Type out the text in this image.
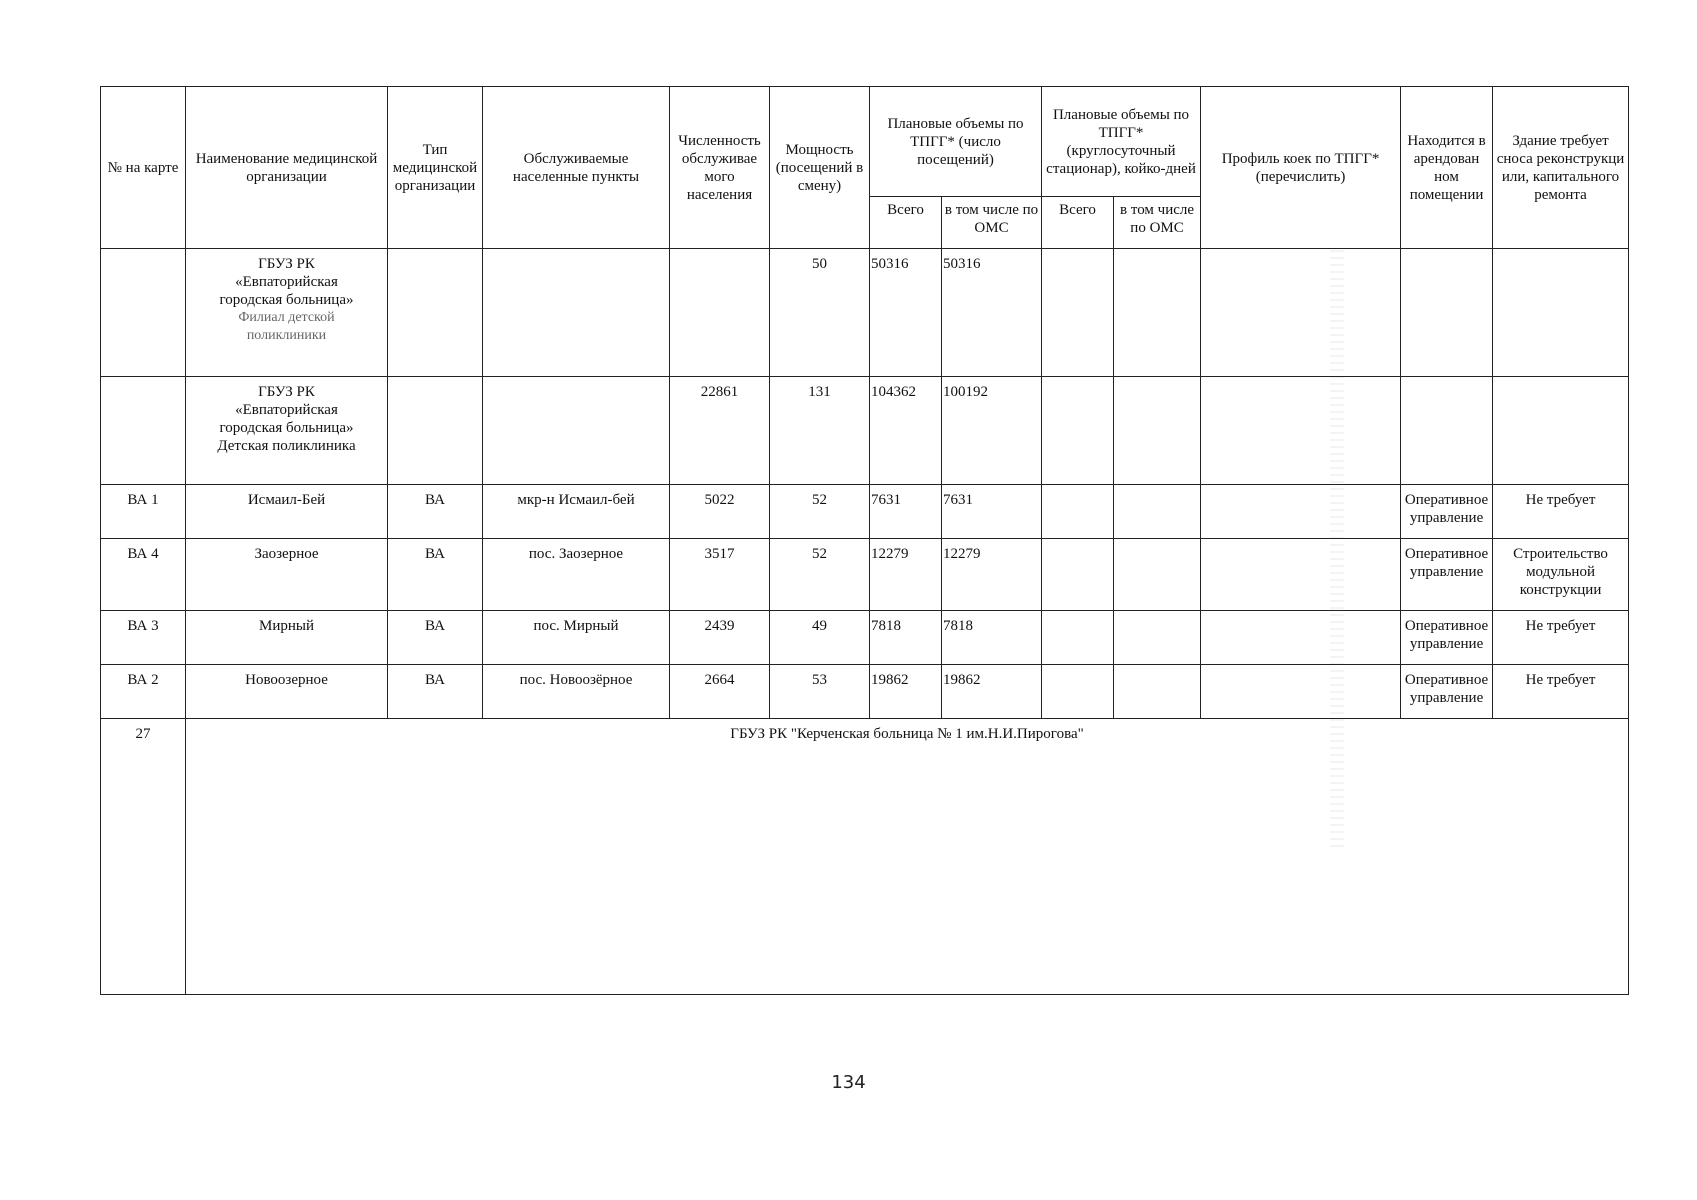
№ на карте	Наименование медицинской организации	Тип медицинской организации	Обслуживаемые населенные пункты	Численность обслуживае мого населения	Мощность (посещений в смену)	Плановые объемы по ТПГГ* (число посещений)		Плановые объемы по ТПГГ* (круглосуточный стационар), койко-дней		Профиль коек по ТПГГ* (перечислить)	Находится в арендован ном помещении	Здание требует сноса реконструкци или, капитального ремонта
						Всего	в том числе по ОМС	Всего	в том числе по ОМС			

	ГБУЗ РК
«Евпаторийская
городская больница»
Филиал детской
поликлиники				50	50316	50316					

	ГБУЗ РК
«Евпаторийская
городская больница»
Детская поликлиника			22861	131	104362	100192					
ВА 1	Исмаил-Бей	ВА	мкр-н Исмаил-бей	5022	52	7631	7631				Оперативное управление	Не требует
ВА 4	Заозерное	ВА	пос. Заозерное	3517	52	12279	12279				Оперативное управление	Строительство модульной конструкции
ВА 3	Мирный	ВА	пос. Мирный	2439	49	7818	7818				Оперативное управление	Не требует
ВА 2	Новоозерное	ВА	пос. Новоозёрное	2664	53	19862	19862				Оперативное управление	Не требует
27	ГБУЗ РК "Керченская больница № 1 им.Н.И.Пирогова"											
134
